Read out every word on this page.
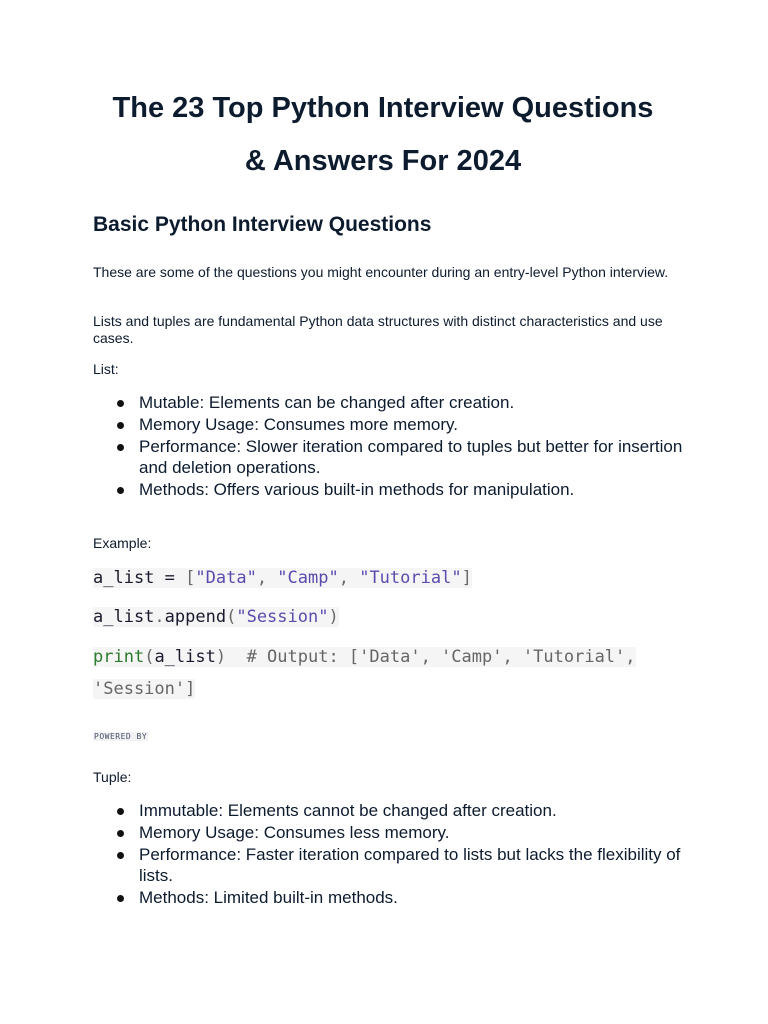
The 23 Top Python Interview Questions
& Answers For 2024
Basic Python Interview Questions

These are some of the questions you might encounter during an entry-level Python interview.

Lists and tuples are fundamental Python data structures with distinct characteristics and use cases.

List:

Mutable: Elements can be changed after creation.
Memory Usage: Consumes more memory.
Performance: Slower iteration compared to tuples but better for insertion and deletion operations.
Methods: Offers various built-in methods for manipulation.

Example:

a_list = ["Data", "Camp", "Tutorial"]
a_list.append("Session")
print(a_list)  # Output: ['Data', 'Camp', 'Tutorial',
'Session']
POWERED BY

Tuple:

Immutable: Elements cannot be changed after creation.
Memory Usage: Consumes less memory.
Performance: Faster iteration compared to lists but lacks the flexibility of lists.
Methods: Limited built-in methods.
